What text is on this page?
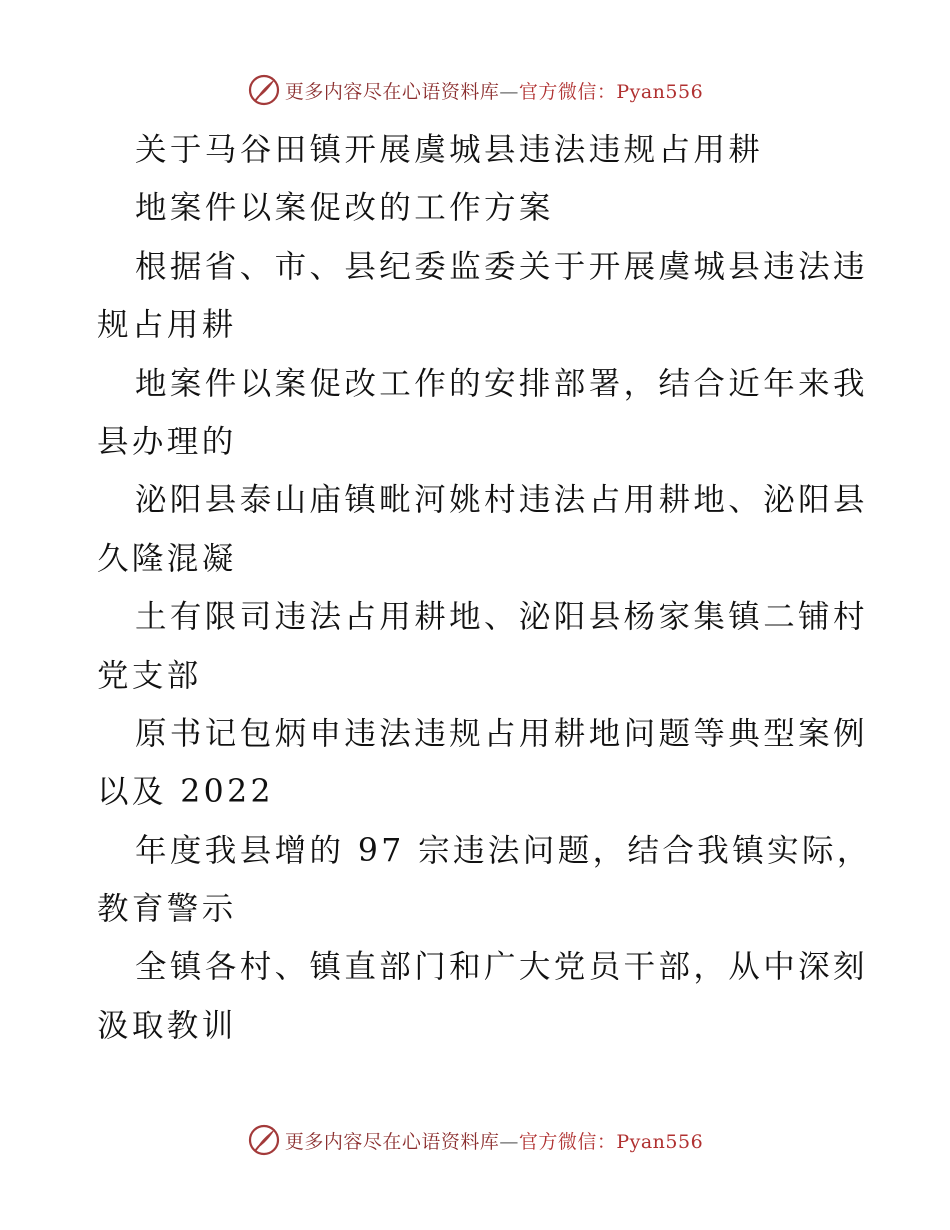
更多内容尽在心语资料库—官方微信：Pyan556
关于马谷田镇开展虞城县违法违规占用耕
地案件以案促改的工作方案
根据省、市、县纪委监委关于开展虞城县违法违
规占用耕
地案件以案促改工作的安排部署，结合近年来我
县办理的
泌阳县泰山庙镇毗河姚村违法占用耕地、泌阳县
久隆混凝
土有限司违法占用耕地、泌阳县杨家集镇二铺村
党支部
原书记包炳申违法违规占用耕地问题等典型案例
以及 2022
年度我县增的 97 宗违法问题，结合我镇实际，
教育警示
全镇各村、镇直部门和广大党员干部，从中深刻
汲取教训
更多内容尽在心语资料库—官方微信：Pyan556
